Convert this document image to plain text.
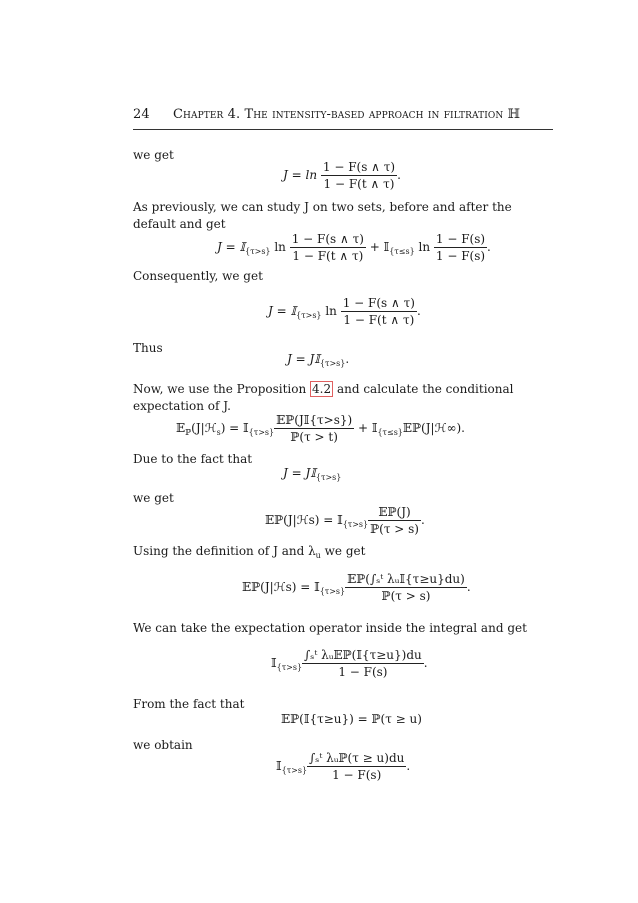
24 Chapter 4. The intensity-based approach in filtration ℍ
we get
$J = \ln \frac{1 - F(s \wedge \tau)}{1 - F(t \wedge \tau)}$ .
As previously, we can study J on two sets, before and after the default and get
J = 𝕀$_{\{\tau>s\}}$ $\ln \frac{1 - F(s \wedge \tau)}{1 - F(t \wedge \tau)}$ + 𝕀$_{\{\tau\le s\}}$ $\ln \frac{1 - F(s)}{1 - F(s)}$ .
Consequently, we get
J = 𝕀$_{\{\tau>s\}}$ $\ln \frac{1 - F(s \wedge \tau)}{1 - F(t \wedge \tau)}$ .
Thus
J = J𝕀$_{\{\tau>s\}}$.
Now, we use the Proposition 4.2 and calculate the conditional expectation of J.
𝔼$_ℙ$(J|ℋ$_s$) = 𝕀$_{\{\tau>s\}}$ $\frac{\text{𝔼ℙ(J𝕀\{τ>s\})}}{\text{ℙ(τ > t)}}$ + 𝕀$_{\{\tau\le s\}}$𝔼ℙ(J|ℋ∞).
Due to the fact that
J = J𝕀$_{\{\tau>s\}}$
we get
𝔼ℙ(J|ℋs) = 𝕀$_{\{\tau>s\}}$ $\frac{\text{𝔼ℙ(J)}}{\text{ℙ(τ > s)}}$ .
Using the definition of J and $\lambda_u$ we get
𝔼ℙ(J|ℋs) = 𝕀$_{\{\tau>s\}}$ $\frac{\text{𝔼ℙ(∫ₛᵗ λᵤ𝕀\{τ≥u\}du)}}{\text{ℙ(τ > s)}}$ .
We can take the expectation operator inside the integral and get
𝕀$_{\{\tau>s\}}$ $\frac{\text{∫ₛᵗ λᵤ𝔼ℙ(𝕀\{τ≥u\})du}}{1 - F(s)}$ .
From the fact that
𝔼ℙ(𝕀{τ≥u}) = ℙ(τ ≥ u)
we obtain
𝕀$_{\{\tau>s\}}$ $\frac{\text{∫ₛᵗ λᵤℙ(τ ≥ u)du}}{1 - F(s)}$ .
